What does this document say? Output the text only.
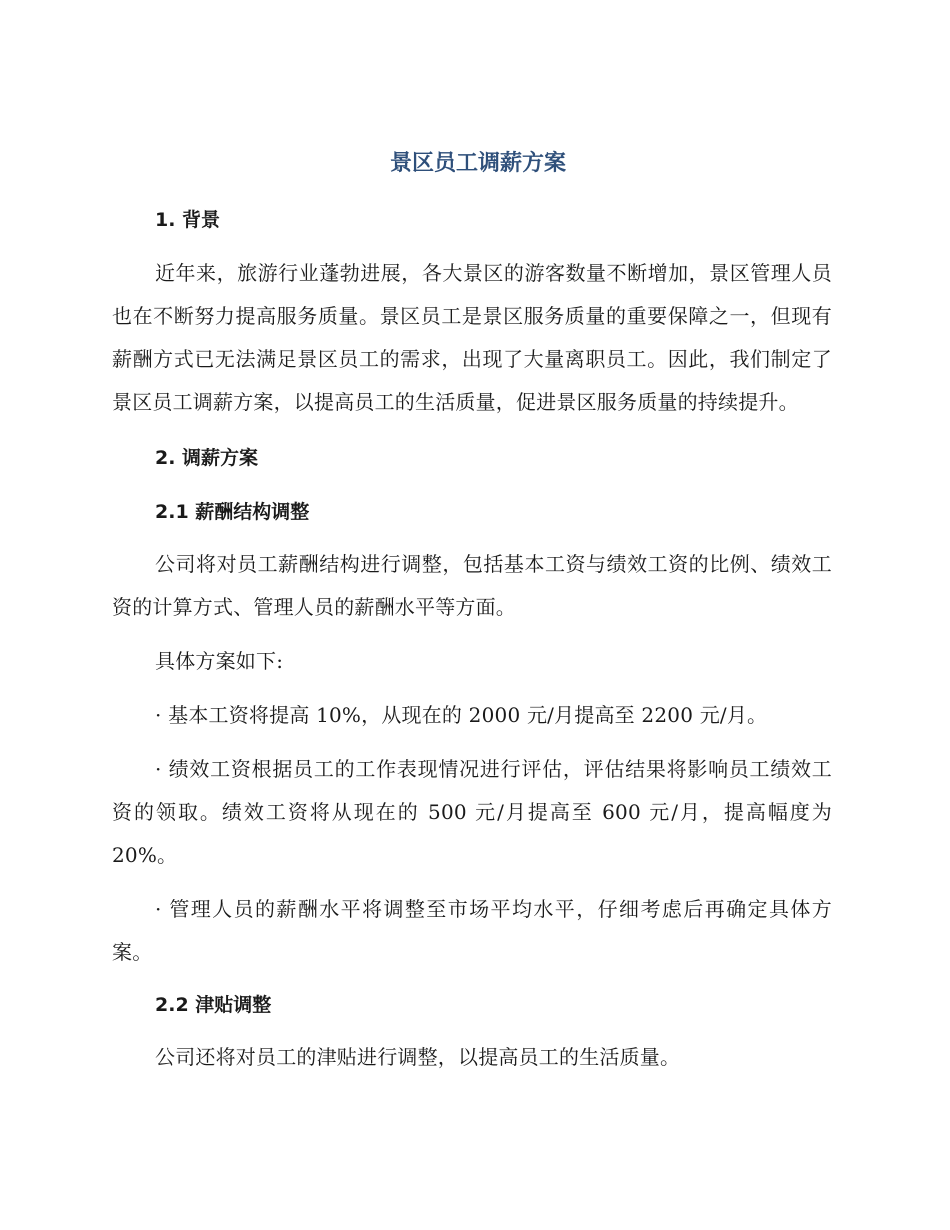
景区员工调薪方案
1. 背景

近年来，旅游行业蓬勃进展，各大景区的游客数量不断增加，景区管理人员也在不断努力提高服务质量。景区员工是景区服务质量的重要保障之一，但现有薪酬方式已无法满足景区员工的需求，出现了大量离职员工。因此，我们制定了景区员工调薪方案，以提高员工的生活质量，促进景区服务质量的持续提升。

2. 调薪方案
2.1 薪酬结构调整

公司将对员工薪酬结构进行调整，包括基本工资与绩效工资的比例、绩效工资的计算方式、管理人员的薪酬水平等方面。

具体方案如下:

· 基本工资将提高 10%，从现在的 2000 元/月提高至 2200 元/月。

· 绩效工资根据员工的工作表现情况进行评估，评估结果将影响员工绩效工资的领取。绩效工资将从现在的 500 元/月提高至 600 元/月，提高幅度为 20%。

· 管理人员的薪酬水平将调整至市场平均水平，仔细考虑后再确定具体方案。

2.2 津贴调整

公司还将对员工的津贴进行调整，以提高员工的生活质量。
